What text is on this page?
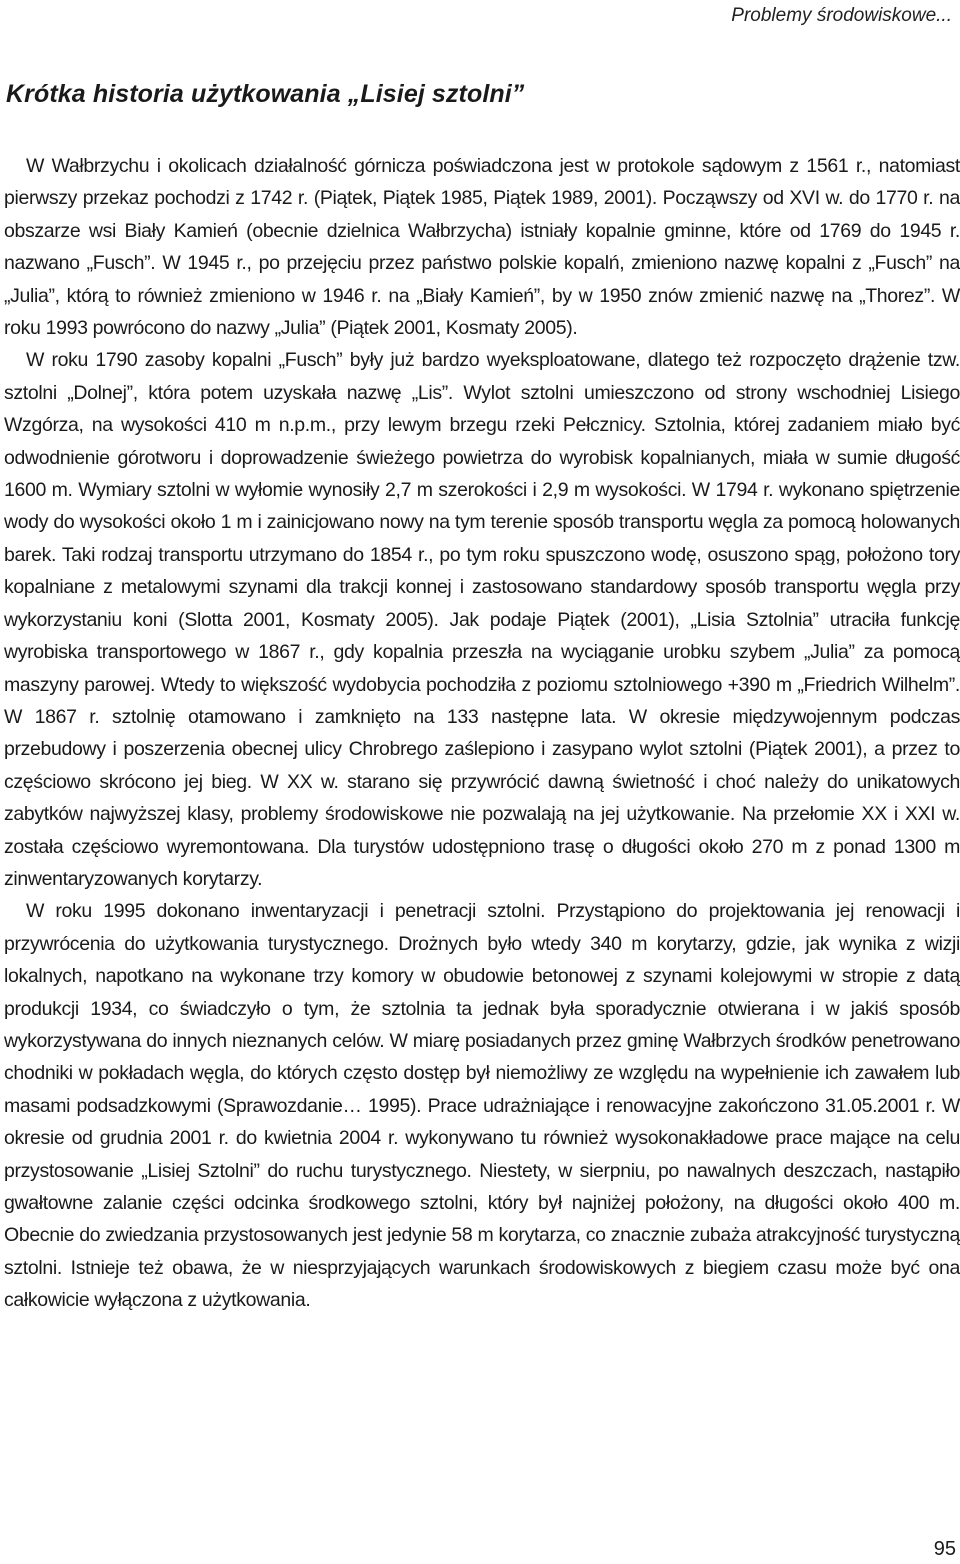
Problemy środowiskowe...
Krótka historia użytkowania „Lisiej sztolni”

W Wałbrzychu i okolicach działalność górnicza poświadczona jest w protokole sądowym z 1561 r., natomiast pierwszy przekaz pochodzi z 1742 r. (Piątek, Piątek 1985, Piątek 1989, 2001). Począwszy od XVI w. do 1770 r. na obszarze wsi Biały Kamień (obecnie dzielnica Wałbrzycha) istniały kopalnie gminne, które od 1769 do 1945 r. nazwano „Fusch”. W 1945 r., po przejęciu przez państwo polskie kopalń, zmieniono nazwę kopalni z „Fusch” na „Julia”, którą to również zmieniono w 1946 r. na „Biały Kamień”, by w 1950 znów zmienić nazwę na „Thorez”. W roku 1993 powrócono do nazwy „Julia” (Piątek 2001, Kosmaty 2005).

W roku 1790 zasoby kopalni „Fusch” były już bardzo wyeksploatowane, dlatego też rozpoczęto drążenie tzw. sztolni „Dolnej”, która potem uzyskała nazwę „Lis”. Wylot sztolni umieszczono od strony wschodniej Lisiego Wzgórza, na wysokości 410 m n.p.m., przy lewym brzegu rzeki Pełcznicy. Sztolnia, której zadaniem miało być odwodnienie górotworu i doprowadzenie świeżego powietrza do wyrobisk kopalnianych, miała w sumie długość 1600 m. Wymiary sztolni w wyłomie wynosiły 2,7 m szerokości i 2,9 m wysokości. W 1794 r. wykonano spiętrzenie wody do wysokości około 1 m i zainicjowano nowy na tym terenie sposób transportu węgla za pomocą holowanych barek. Taki rodzaj transportu utrzymano do 1854 r., po tym roku spuszczono wodę, osuszono spąg, położono tory kopalniane z metalowymi szynami dla trakcji konnej i zastosowano standardowy sposób transportu węgla przy wykorzystaniu koni (Slotta 2001, Kosmaty 2005). Jak podaje Piątek (2001), „Lisia Sztolnia” utraciła funkcję wyrobiska transportowego w 1867 r., gdy kopalnia przeszła na wyciąganie urobku szybem „Julia” za pomocą maszyny parowej. Wtedy to większość wydobycia pochodziła z poziomu sztolniowego +390 m „Friedrich Wilhelm”. W 1867 r. sztolnię otamowano i zamknięto na 133 następne lata. W okresie międzywojennym podczas przebudowy i poszerzenia obecnej ulicy Chrobrego zaślepiono i zasypano wylot sztolni (Piątek 2001), a przez to częściowo skrócono jej bieg. W XX w. starano się przywrócić dawną świetność i choć należy do unikatowych zabytków najwyższej klasy, problemy środowiskowe nie pozwalają na jej użytkowanie. Na przełomie XX i XXI w. została częściowo wyremontowana. Dla turystów udostępniono trasę o długości około 270 m z ponad 1300 m zinwentaryzowanych korytarzy.

W roku 1995 dokonano inwentaryzacji i penetracji sztolni. Przystąpiono do projektowania jej renowacji i przywrócenia do użytkowania turystycznego. Drożnych było wtedy 340 m korytarzy, gdzie, jak wynika z wizji lokalnych, napotkano na wykonane trzy komory w obudowie betonowej z szynami kolejowymi w stropie z datą produkcji 1934, co świadczyło o tym, że sztolnia ta jednak była sporadycznie otwierana i w jakiś sposób wykorzystywana do innych nieznanych celów. W miarę posiadanych przez gminę Wałbrzych środków penetrowano chodniki w pokładach węgla, do których często dostęp był niemożliwy ze względu na wypełnienie ich zawałem lub masami podsadzkowymi (Sprawozdanie… 1995). Prace udrażniające i renowacyjne zakończono 31.05.2001 r. W okresie od grudnia 2001 r. do kwietnia 2004 r. wykonywano tu również wysokonakładowe prace mające na celu przystosowanie „Lisiej Sztolni” do ruchu turystycznego. Niestety, w sierpniu, po nawalnych deszczach, nastąpiło gwałtowne zalanie części odcinka środkowego sztolni, który był najniżej położony, na długości około 400 m. Obecnie do zwiedzania przystosowanych jest jedynie 58 m korytarza, co znacznie zubaża atrakcyjność turystyczną sztolni. Istnieje też obawa, że w niesprzyjających warunkach środowiskowych z biegiem czasu może być ona całkowicie wyłączona z użytkowania.

95
